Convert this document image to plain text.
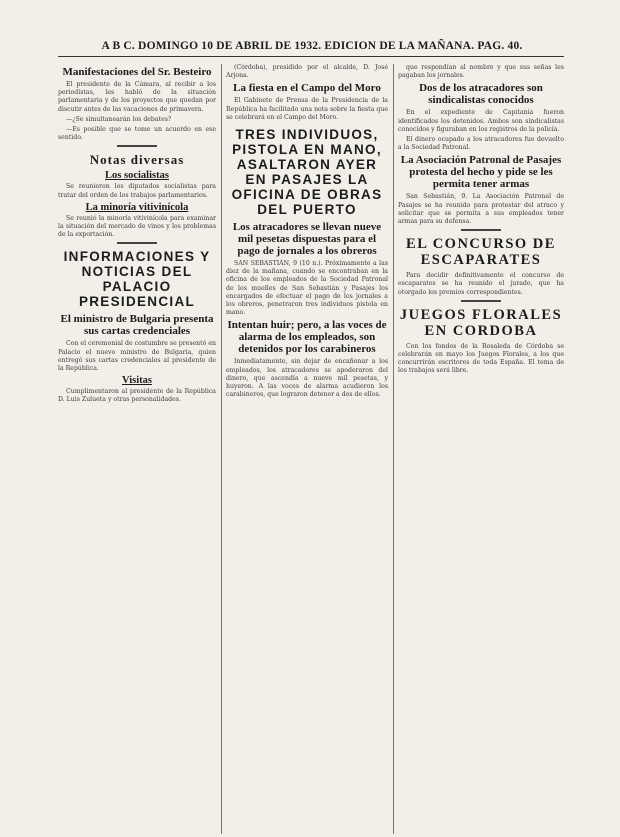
A B C. DOMINGO 10 DE ABRIL DE 1932. EDICION DE LA MAÑANA. PAG. 40.
Manifestaciones del Sr. Besteiro

El presidente de la Cámara, al recibir a los periodistas, les habló de la situación parlamentaria y de los proyectos que quedan por discutir antes de las vacaciones de primavera.

—¿Se simultanearán los debates?

—Es posible que se tome un acuerdo en ese sentido.

Notas diversas
Los socialistas

Se reunieron los diputados socialistas para tratar del orden de los trabajos parlamentarios.

La minoría vitivinícola

Se reunió la minoría vitivinícola para examinar la situación del mercado de vinos y los problemas de la exportación.

INFORMACIONES Y NOTICIAS DEL PALACIO PRESIDENCIAL
El ministro de Bulgaria presenta sus cartas credenciales

Con el ceremonial de costumbre se presentó en Palacio el nuevo ministro de Bulgaria, quien entregó sus cartas credenciales al presidente de la República.

Visitas

Cumplimentaron al presidente de la República D. Luis Zulueta y otras personalidades.

(Córdoba), presidido por el alcalde, D. José Arjona.

La fiesta en el Campo del Moro

El Gabinete de Prensa de la Presidencia de la República ha facilitado una nota sobre la fiesta que se celebrará en el Campo del Moro.

TRES INDIVIDUOS, PISTOLA EN MANO, ASALTARON AYER EN PASAJES LA OFICINA DE OBRAS DEL PUERTO
Los atracadores se llevan nueve mil pesetas dispuestas para el pago de jornales a los obreros

SAN SEBASTIÁN, 9 (10 n.). Próximamente a las diez de la mañana, cuando se encontraban en la oficina de los empleados de la Sociedad Patronal de los muelles de San Sebastián y Pasajes los encargados de efectuar el pago de los jornales a los obreros, penetraron tres individuos pistola en mano.

Intentan huir; pero, a las voces de alarma de los empleados, son detenidos por los carabineros

Inmediatamente, sin dejar de encañonar a los empleados, los atracadores se apoderaron del dinero, que ascendía a nueve mil pesetas, y huyeron. A las voces de alarma acudieron los carabineros, que lograron detener a dos de ellos.

que respondían al nombre y que sus señas les pagaban los jornales.

Dos de los atracadores son sindicalistas conocidos

En el expediente de Capitanía fueron identificados los detenidos. Ambos son sindicalistas conocidos y figuraban en los registros de la policía.

El dinero ocupado a los atracadores fue devuelto a la Sociedad Patronal.

La Asociación Patronal de Pasajes protesta del hecho y pide se les permita tener armas

San Sebastián, 9. La Asociación Patronal de Pasajes se ha reunido para protestar del atraco y solicitar que se permita a sus empleados tener armas para su defensa.

EL CONCURSO DE ESCAPARATES

Para decidir definitivamente el concurso de escaparates se ha reunido el jurado, que ha otorgado los premios correspondientes.

JUEGOS FLORALES EN CORDOBA

Con los fondos de la Rosaleda de Córdoba se celebrarán en mayo los Juegos Florales, a los que concurrirán escritores de toda España. El tema de los trabajos será libre.
